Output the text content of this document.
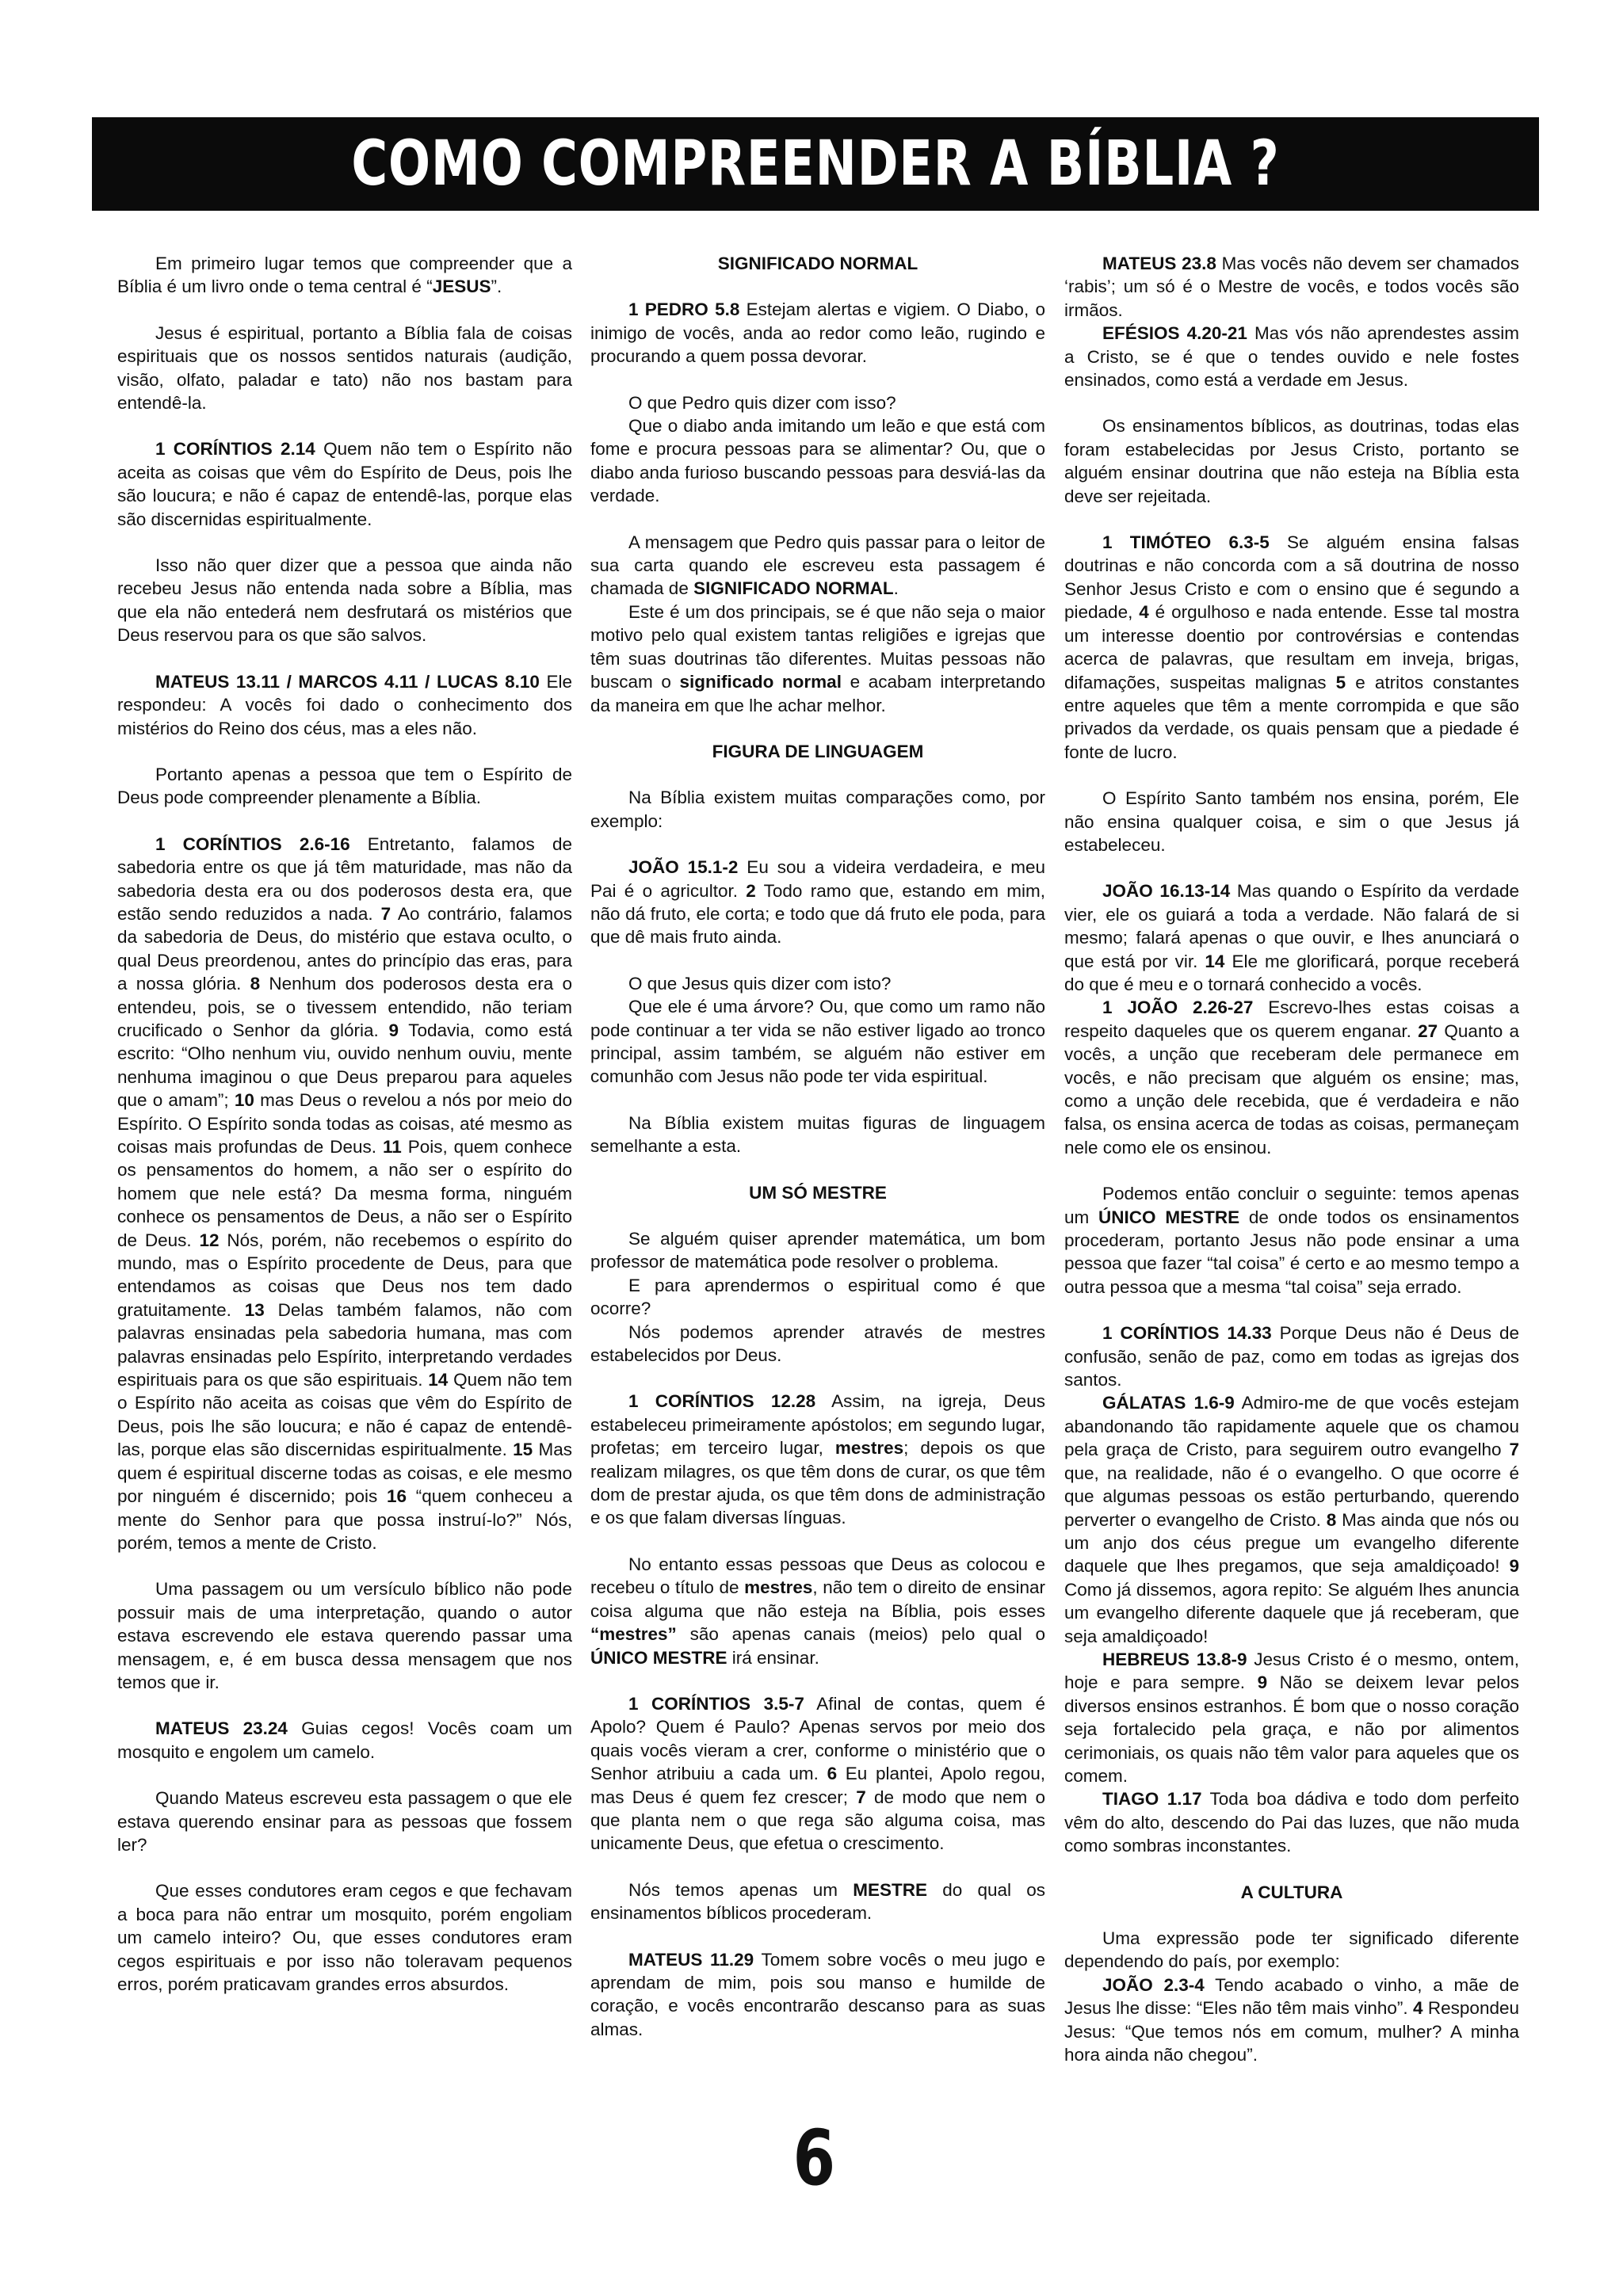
COMO COMPREENDER A BÍBLIA ?

Em primeiro lugar temos que compreender que a Bíblia é um livro onde o tema central é “JESUS”.

Jesus é espiritual, portanto a Bíblia fala de coisas espirituais que os nossos sentidos naturais (audição, visão, olfato, paladar e tato) não nos bastam para entendê-la.

1 CORÍNTIOS 2.14 Quem não tem o Espírito não aceita as coisas que vêm do Espírito de Deus, pois lhe são loucura; e não é capaz de entendê-las, porque elas são discernidas espiritualmente.

Isso não quer dizer que a pessoa que ainda não recebeu Jesus não entenda nada sobre a Bíblia, mas que ela não entederá nem desfrutará os mistérios que Deus reservou para os que são salvos.

MATEUS 13.11 / MARCOS 4.11 / LUCAS 8.10 Ele respondeu: A vocês foi dado o conhecimento dos mistérios do Reino dos céus, mas a eles não.

Portanto apenas a pessoa que tem o Espírito de Deus pode compreender plenamente a Bíblia.

1 CORÍNTIOS 2.6-16 Entretanto, falamos de sabedoria entre os que já têm maturidade, mas não da sabedoria desta era ou dos poderosos desta era, que estão sendo reduzidos a nada. 7 Ao contrário, falamos da sabedoria de Deus, do mistério que estava oculto, o qual Deus preordenou, antes do princípio das eras, para a nossa glória. 8 Nenhum dos poderosos desta era o entendeu, pois, se o tivessem entendido, não teriam crucificado o Senhor da glória. 9 Todavia, como está escrito: “Olho nenhum viu, ouvido nenhum ouviu, mente nenhuma imaginou o que Deus preparou para aqueles que o amam”; 10 mas Deus o revelou a nós por meio do Espírito. O Espírito sonda todas as coisas, até mesmo as coisas mais profundas de Deus. 11 Pois, quem conhece os pensamentos do homem, a não ser o espírito do homem que nele está? Da mesma forma, ninguém conhece os pensamentos de Deus, a não ser o Espírito de Deus. 12 Nós, porém, não recebemos o espírito do mundo, mas o Espírito procedente de Deus, para que entendamos as coisas que Deus nos tem dado gratuitamente. 13 Delas também falamos, não com palavras ensinadas pela sabedoria humana, mas com palavras ensinadas pelo Espírito, interpretando verdades espirituais para os que são espirituais. 14 Quem não tem o Espírito não aceita as coisas que vêm do Espírito de Deus, pois lhe são loucura; e não é capaz de entendê-las, porque elas são discernidas espiritualmente. 15 Mas quem é espiritual discerne todas as coisas, e ele mesmo por ninguém é discernido; pois 16 “quem conheceu a mente do Senhor para que possa instruí-lo?” Nós, porém, temos a mente de Cristo.

Uma passagem ou um versículo bíblico não pode possuir mais de uma interpretação, quando o autor estava escrevendo ele estava querendo passar uma mensagem, e, é em busca dessa mensagem que nos temos que ir.

MATEUS 23.24 Guias cegos! Vocês coam um mosquito e engolem um camelo.

Quando Mateus escreveu esta passagem o que ele estava querendo ensinar para as pessoas que fossem ler?

Que esses condutores eram cegos e que fechavam a boca para não entrar um mosquito, porém engoliam um camelo inteiro? Ou, que esses condutores eram cegos espirituais e por isso não toleravam pequenos erros, porém praticavam grandes erros absurdos.

SIGNIFICADO NORMAL

1 PEDRO 5.8 Estejam alertas e vigiem. O Diabo, o inimigo de vocês, anda ao redor como leão, rugindo e procurando a quem possa devorar.

O que Pedro quis dizer com isso?

Que o diabo anda imitando um leão e que está com fome e procura pessoas para se alimentar? Ou, que o diabo anda furioso buscando pessoas para desviá-las da verdade.

A mensagem que Pedro quis passar para o leitor de sua carta quando ele escreveu esta passagem é chamada de SIGNIFICADO NORMAL.

Este é um dos principais, se é que não seja o maior motivo pelo qual existem tantas religiões e igrejas que têm suas doutrinas tão diferentes. Muitas pessoas não buscam o significado normal e acabam interpretando da maneira em que lhe achar melhor.

FIGURA DE LINGUAGEM

Na Bíblia existem muitas comparações como, por exemplo:

JOÃO 15.1-2 Eu sou a videira verdadeira, e meu Pai é o agricultor. 2 Todo ramo que, estando em mim, não dá fruto, ele corta; e todo que dá fruto ele poda, para que dê mais fruto ainda.

O que Jesus quis dizer com isto?

Que ele é uma árvore? Ou, que como um ramo não pode continuar a ter vida se não estiver ligado ao tronco principal, assim também, se alguém não estiver em comunhão com Jesus não pode ter vida espiritual.

Na Bíblia existem muitas figuras de linguagem semelhante a esta.

UM SÓ MESTRE

Se alguém quiser aprender matemática, um bom professor de matemática pode resolver o problema.

E para aprendermos o espiritual como é que ocorre?

Nós podemos aprender através de mestres estabelecidos por Deus.

1 CORÍNTIOS 12.28 Assim, na igreja, Deus estabeleceu primeiramente apóstolos; em segundo lugar, profetas; em terceiro lugar, mestres; depois os que realizam milagres, os que têm dons de curar, os que têm dom de prestar ajuda, os que têm dons de administração e os que falam diversas línguas.

No entanto essas pessoas que Deus as colocou e recebeu o título de mestres, não tem o direito de ensinar coisa alguma que não esteja na Bíblia, pois esses “mestres” são apenas canais (meios) pelo qual o ÚNICO MESTRE irá ensinar.

1 CORÍNTIOS 3.5-7 Afinal de contas, quem é Apolo? Quem é Paulo? Apenas servos por meio dos quais vocês vieram a crer, conforme o ministério que o Senhor atribuiu a cada um. 6 Eu plantei, Apolo regou, mas Deus é quem fez crescer; 7 de modo que nem o que planta nem o que rega são alguma coisa, mas unicamente Deus, que efetua o crescimento.

Nós temos apenas um MESTRE do qual os ensinamentos bíblicos procederam.

MATEUS 11.29 Tomem sobre vocês o meu jugo e aprendam de mim, pois sou manso e humilde de coração, e vocês encontrarão descanso para as suas almas.

MATEUS 23.8 Mas vocês não devem ser chamados ‘rabis’; um só é o Mestre de vocês, e todos vocês são irmãos.

EFÉSIOS 4.20-21 Mas vós não aprendestes assim a Cristo, se é que o tendes ouvido e nele fostes ensinados, como está a verdade em Jesus.

Os ensinamentos bíblicos, as doutrinas, todas elas foram estabelecidas por Jesus Cristo, portanto se alguém ensinar doutrina que não esteja na Bíblia esta deve ser rejeitada.

1 TIMÓTEO 6.3-5 Se alguém ensina falsas doutrinas e não concorda com a sã doutrina de nosso Senhor Jesus Cristo e com o ensino que é segundo a piedade, 4 é orgulhoso e nada entende. Esse tal mostra um interesse doentio por controvérsias e contendas acerca de palavras, que resultam em inveja, brigas, difamações, suspeitas malignas 5 e atritos constantes entre aqueles que têm a mente corrompida e que são privados da verdade, os quais pensam que a piedade é fonte de lucro.

O Espírito Santo também nos ensina, porém, Ele não ensina qualquer coisa, e sim o que Jesus já estabeleceu.

JOÃO 16.13-14 Mas quando o Espírito da verdade vier, ele os guiará a toda a verdade. Não falará de si mesmo; falará apenas o que ouvir, e lhes anunciará o que está por vir. 14 Ele me glorificará, porque receberá do que é meu e o tornará conhecido a vocês.

1 JOÃO 2.26-27 Escrevo-lhes estas coisas a respeito daqueles que os querem enganar. 27 Quanto a vocês, a unção que receberam dele permanece em vocês, e não precisam que alguém os ensine; mas, como a unção dele recebida, que é verdadeira e não falsa, os ensina acerca de todas as coisas, permaneçam nele como ele os ensinou.

Podemos então concluir o seguinte: temos apenas um ÚNICO MESTRE de onde todos os ensinamentos procederam, portanto Jesus não pode ensinar a uma pessoa que fazer “tal coisa” é certo e ao mesmo tempo a outra pessoa que a mesma “tal coisa” seja errado.

1 CORÍNTIOS 14.33 Porque Deus não é Deus de confusão, senão de paz, como em todas as igrejas dos santos.

GÁLATAS 1.6-9 Admiro-me de que vocês estejam abandonando tão rapidamente aquele que os chamou pela graça de Cristo, para seguirem outro evangelho 7 que, na realidade, não é o evangelho. O que ocorre é que algumas pessoas os estão perturbando, querendo perverter o evangelho de Cristo. 8 Mas ainda que nós ou um anjo dos céus pregue um evangelho diferente daquele que lhes pregamos, que seja amaldiçoado! 9 Como já dissemos, agora repito: Se alguém lhes anuncia um evangelho diferente daquele que já receberam, que seja amaldiçoado!

HEBREUS 13.8-9 Jesus Cristo é o mesmo, ontem, hoje e para sempre. 9 Não se deixem levar pelos diversos ensinos estranhos. É bom que o nosso coração seja fortalecido pela graça, e não por alimentos cerimoniais, os quais não têm valor para aqueles que os comem.

TIAGO 1.17 Toda boa dádiva e todo dom perfeito vêm do alto, descendo do Pai das luzes, que não muda como sombras inconstantes.

A CULTURA

Uma expressão pode ter significado diferente dependendo do país, por exemplo:

JOÃO 2.3-4 Tendo acabado o vinho, a mãe de Jesus lhe disse: “Eles não têm mais vinho”. 4 Respondeu Jesus: “Que temos nós em comum, mulher? A minha hora ainda não chegou”.

6
